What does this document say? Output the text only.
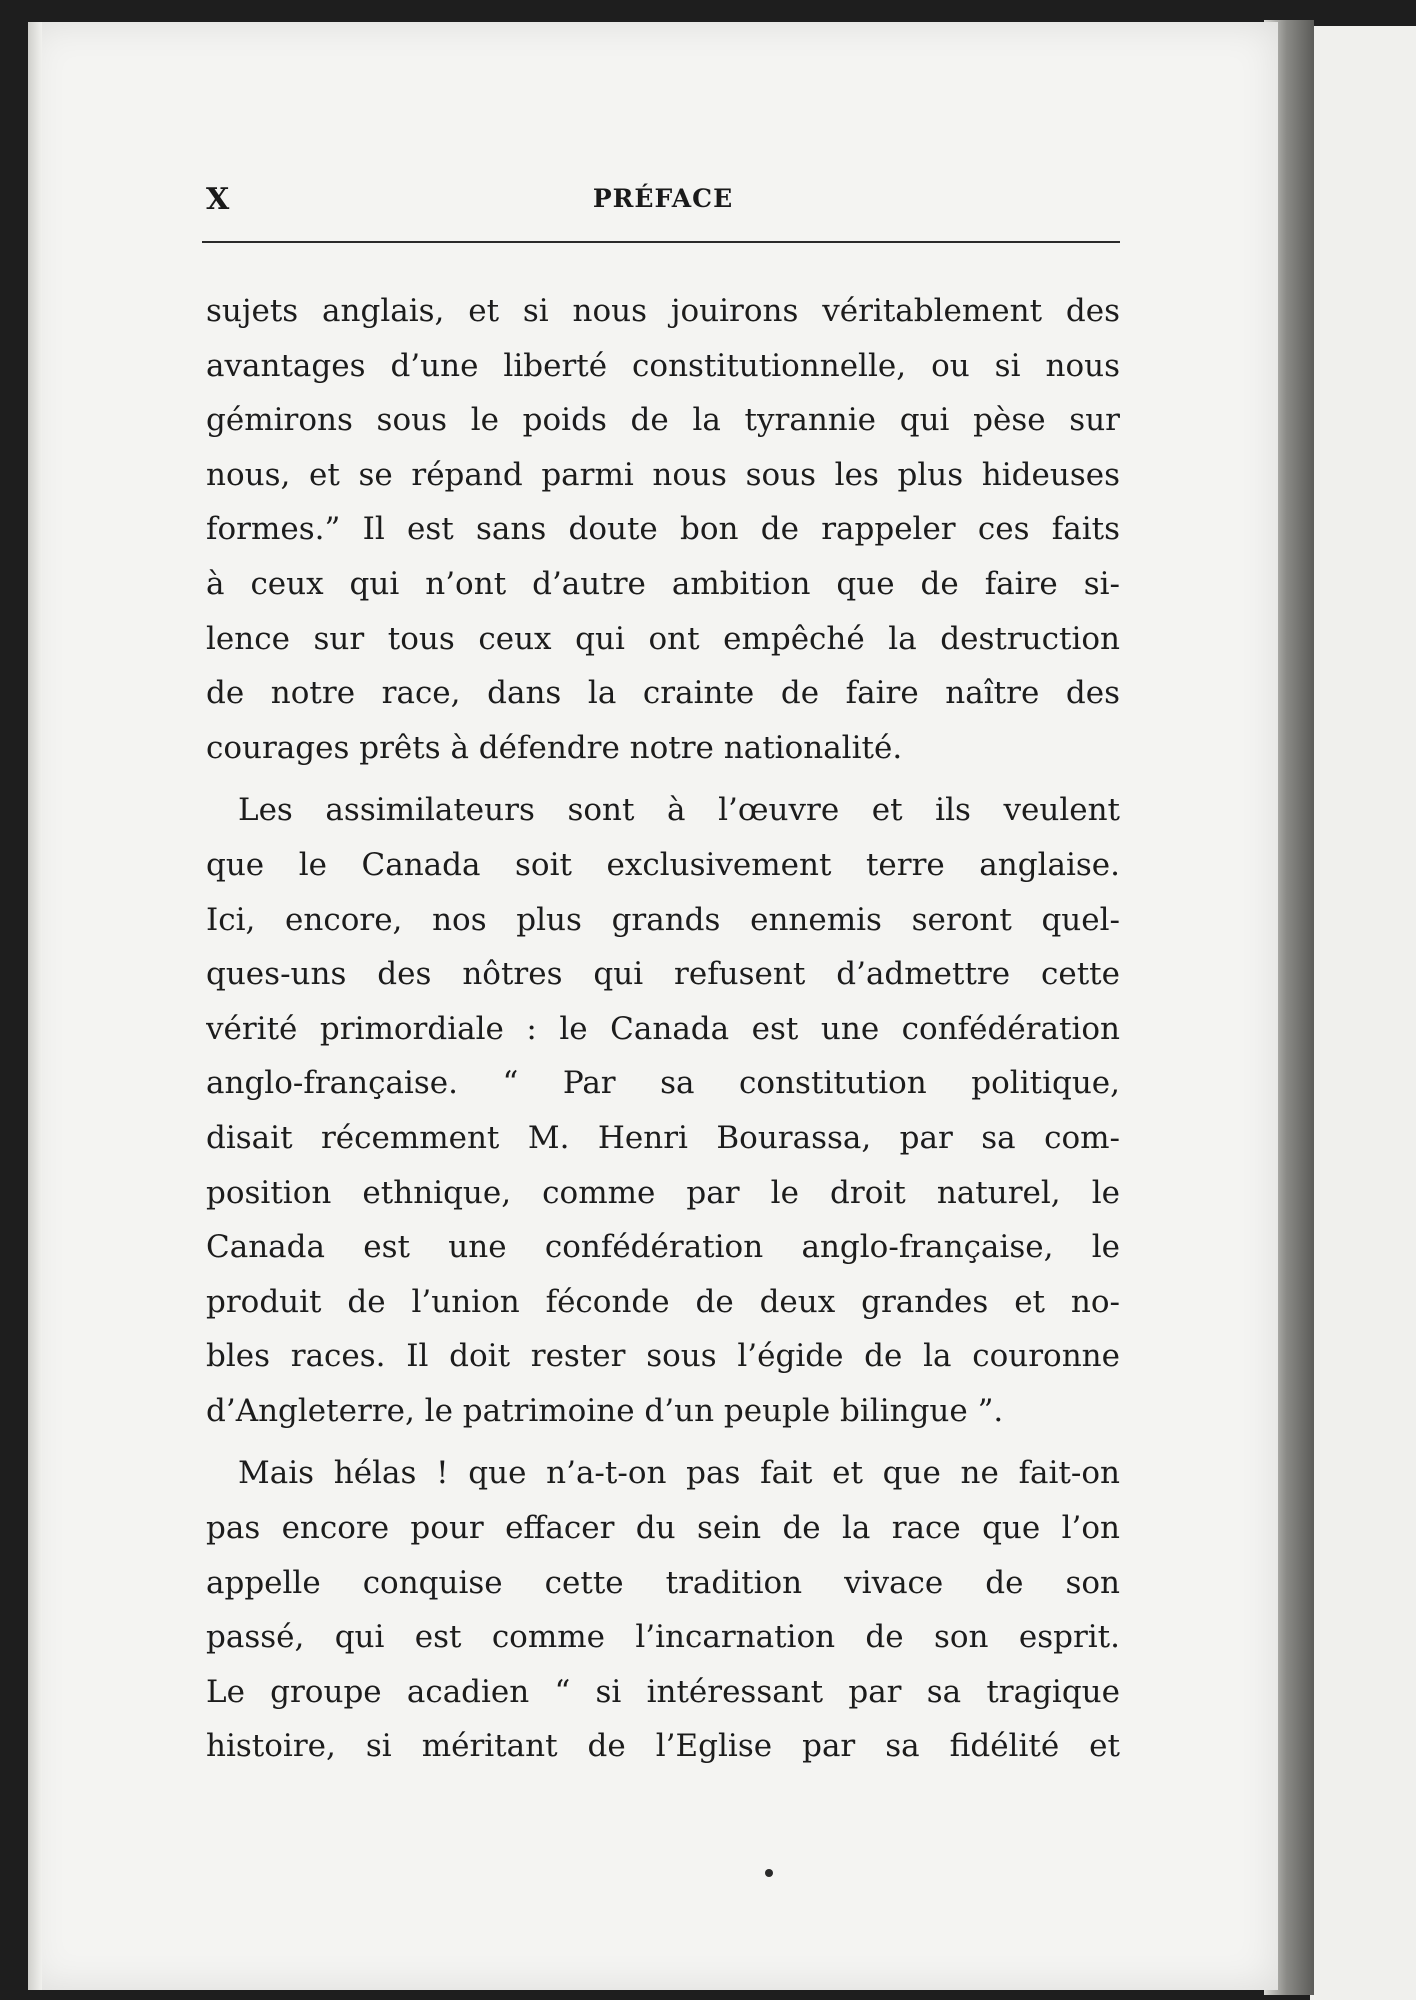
X	PRÉFACE
sujets anglais, et si nous jouirons véritablement des
avantages d’une liberté constitutionnelle, ou si nous
gémirons sous le poids de la tyrannie qui pèse sur
nous, et se répand parmi nous sous les plus hideuses
formes.” Il est sans doute bon de rappeler ces faits
à ceux qui n’ont d’autre ambition que de faire si-
lence sur tous ceux qui ont empêché la destruction
de notre race, dans la crainte de faire naître des
courages prêts à défendre notre nationalité.
Les assimilateurs sont à l’œuvre et ils veulent
que le Canada soit exclusivement terre anglaise.
Ici, encore, nos plus grands ennemis seront quel-
ques-uns des nôtres qui refusent d’admettre cette
vérité primordiale : le Canada est une confédération
anglo-française. “ Par sa constitution politique,
disait récemment M. Henri Bourassa, par sa com-
position ethnique, comme par le droit naturel, le
Canada est une confédération anglo-française, le
produit de l’union féconde de deux grandes et no-
bles races. Il doit rester sous l’égide de la couronne
d’Angleterre, le patrimoine d’un peuple bilingue ”.
Mais hélas ! que n’a-t-on pas fait et que ne fait-on
pas encore pour effacer du sein de la race que l’on
appelle conquise cette tradition vivace de son
passé, qui est comme l’incarnation de son esprit.
Le groupe acadien “ si intéressant par sa tragique
histoire, si méritant de l’Eglise par sa fidélité et
